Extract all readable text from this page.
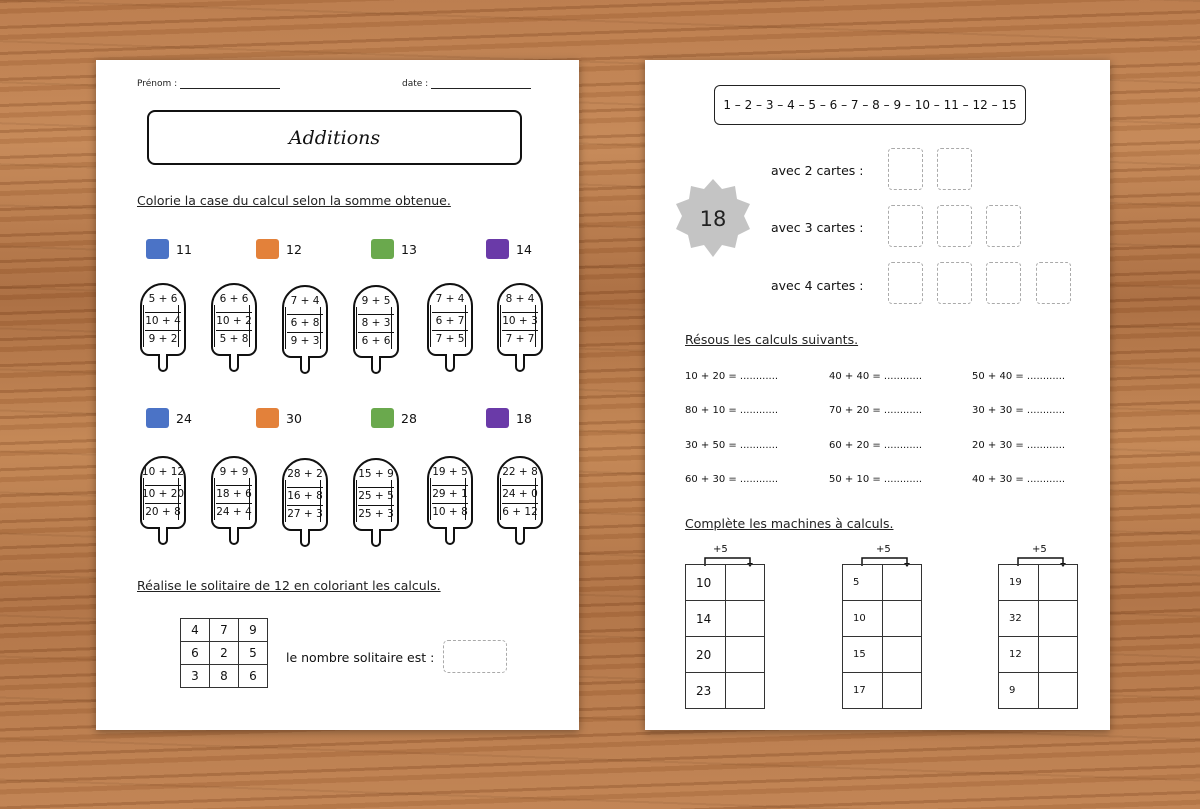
Prénom :	date :
Additions
Colorie la case du calcul selon la somme obtenue.
11	12	13	14
5 + 6
10 + 4
9 + 2
6 + 6
10 + 2
5 + 8
7 + 4
6 + 8
9 + 3
9 + 5
8 + 3
6 + 6
7 + 4
6 + 7
7 + 5
8 + 4
10 + 3
7 + 7
24	30	28	18
10 + 12
10 + 20
20 + 8
9 + 9
18 + 6
24 + 4
28 + 2
16 + 8
27 + 3
15 + 9
25 + 5
25 + 3
19 + 5
29 + 1
10 + 8
22 + 8
24 + 0
6 + 12
Réalise le solitaire de 12 en coloriant les calculs.
4	7	9
6	2	5
3	8	6
le nombre solitaire est :
1 – 2 – 3 – 4 – 5 – 6 – 7 – 8 – 9 – 10 – 11 – 12 – 15
18
avec 2 cartes :
avec 3 cartes :
avec 4 cartes :
Résous les calculs suivants.
10 + 20 = ............	40 + 40 = ............	50 + 40 = ............
80 + 10 = ............	70 + 20 = ............	30 + 30 = ............
30 + 50 = ............	60 + 20 = ............	20 + 30 = ............
60 + 30 = ............	50 + 10 = ............	40 + 30 = ............
Complète les machines à calculs.
+5
10	
14	
20	
23	
+5
5	
10	
15	
17	
+5
19	
32	
12	
9	
